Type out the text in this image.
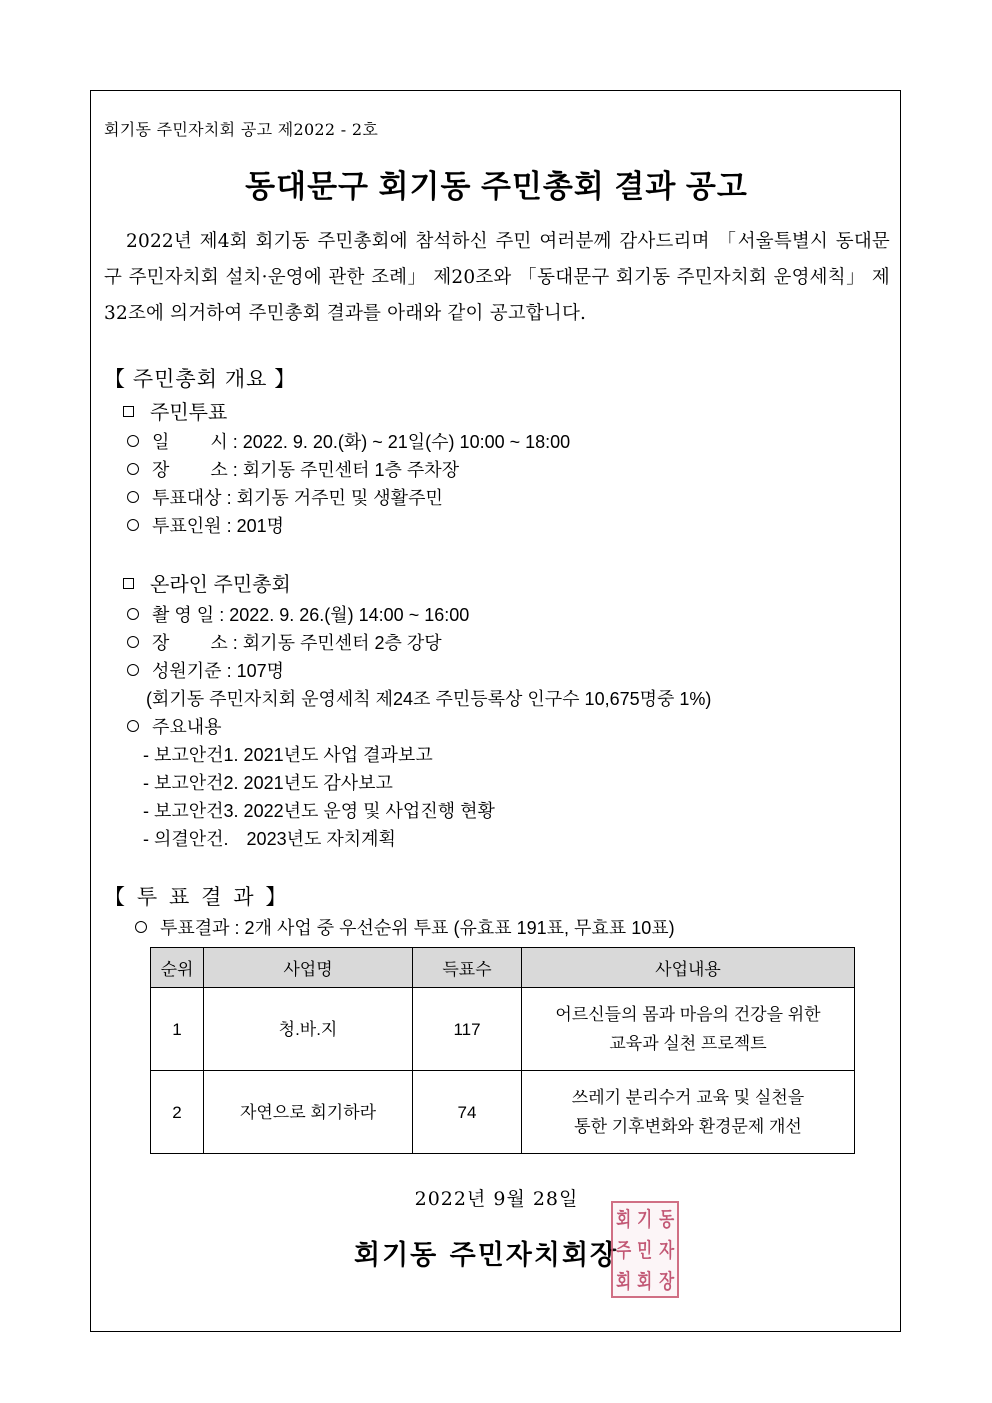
회기동 주민자치회 공고 제2022 - 2호
동대문구 회기동 주민총회 결과 공고
2022년 제4회 회기동 주민총회에 참석하신 주민 여러분께 감사드리며 「서울특별시 동대문구 주민자치회 설치·운영에 관한 조례」 제20조와 「동대문구 회기동 주민자치회 운영세칙」 제32조에 의거하여 주민총회 결과를 아래와 같이 공고합니다.
【 주민총회 개요 】
주민투표
일　　 시 : 2022. 9. 20.(화) ~ 21일(수) 10:00 ~ 18:00
장　　 소 : 회기동 주민센터 1층 주차장
투표대상 : 회기동 거주민 및 생활주민
투표인원 : 201명
온라인 주민총회
촬 영 일 : 2022. 9. 26.(월) 14:00 ~ 16:00
장　　 소 : 회기동 주민센터 2층 강당
성원기준 : 107명
(회기동 주민자치회 운영세칙 제24조 주민등록상 인구수 10,675명중 1%)
주요내용
- 보고안건1. 2021년도 사업 결과보고
- 보고안건2. 2021년도 감사보고
- 보고안건3. 2022년도 운영 및 사업진행 현황
- 의결안건.　2023년도 자치계획
【 투 표 결 과 】
투표결과 : 2개 사업 중 우선순위 투표 (유효표 191표, 무효표 10표)
순위	사업명	득표수	사업내용
1	청.바.지	117	어르신들의 몸과 마음의 건강을 위한
교육과 실천 프로젝트
2	자연으로 회기하라	74	쓰레기 분리수거 교육 및 실천을
통한 기후변화와 환경문제 개선
2022년 9월 28일
회기동 주민자치회장
회 기 동
주 민 자
회 회 장
